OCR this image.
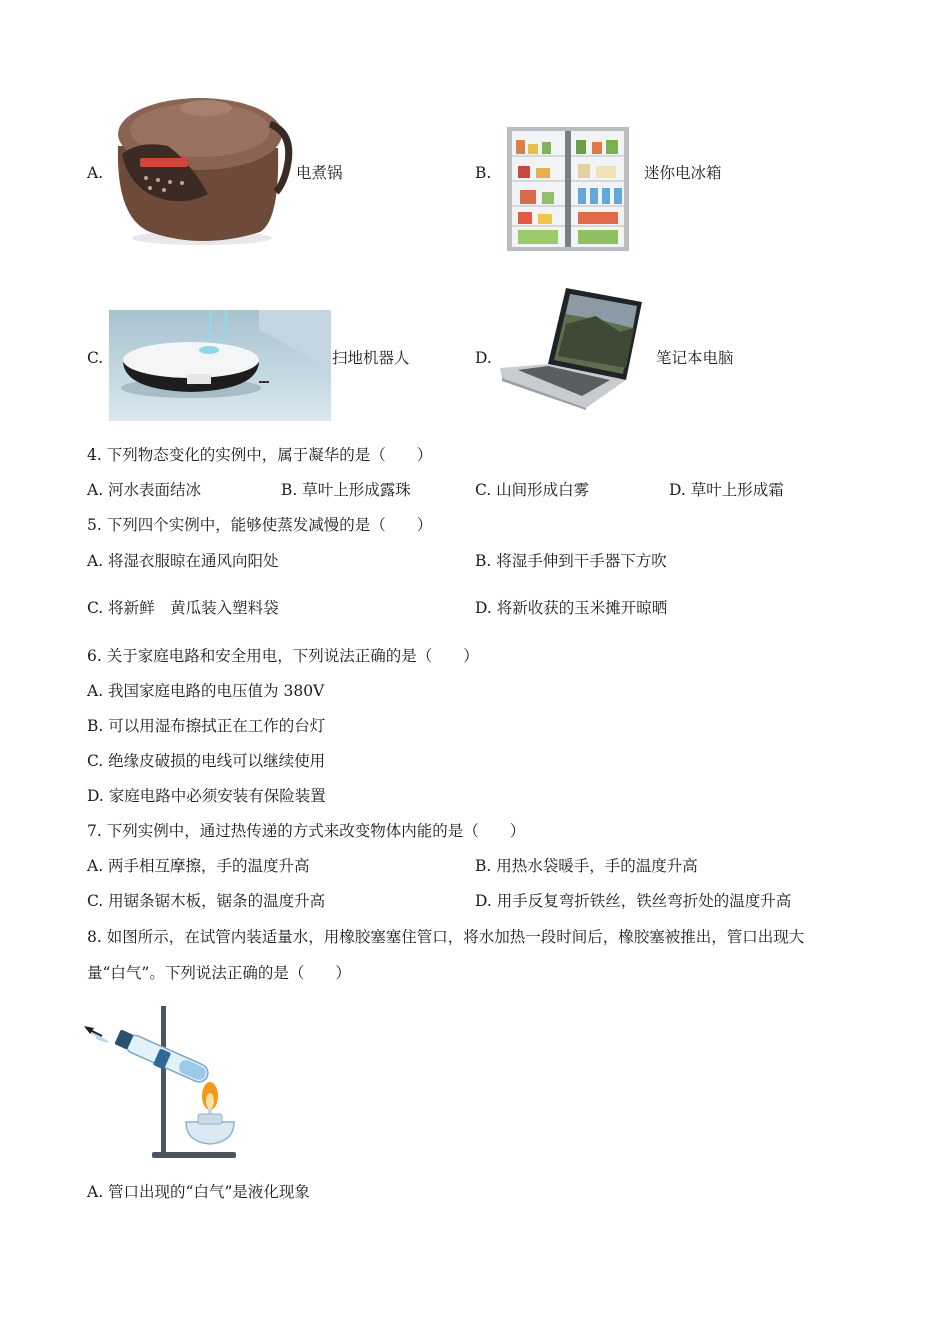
A.	电煮锅	B.	迷你电冰箱
C.	扫地机器人	D.	笔记本电脑
4. 下列物态变化的实例中，属于凝华的是（　　）
A. 河水表面结冰	B. 草叶上形成露珠	C. 山间形成白雾	D. 草叶上形成霜
5. 下列四个实例中，能够使蒸发减慢的是（　　）
A. 将湿衣服晾在通风向阳处	B. 将湿手伸到干手器下方吹
C. 将新鲜　黄瓜装入塑料袋	D. 将新收获的玉米摊开晾晒
6. 关于家庭电路和安全用电，下列说法正确的是（　　）
A. 我国家庭电路的电压值为 380V
B. 可以用湿布擦拭正在工作的台灯
C. 绝缘皮破损的电线可以继续使用
D. 家庭电路中必须安装有保险装置
7. 下列实例中，通过热传递的方式来改变物体内能的是（　　）
A. 两手相互摩擦，手的温度升高	B. 用热水袋暖手，手的温度升高
C. 用锯条锯木板，锯条的温度升高	D. 用手反复弯折铁丝，铁丝弯折处的温度升高
8. 如图所示，在试管内装适量水，用橡胶塞塞住管口，将水加热一段时间后，橡胶塞被推出，管口出现大
量“白气”。下列说法正确的是（　　）
A. 管口出现的“白气”是液化现象
